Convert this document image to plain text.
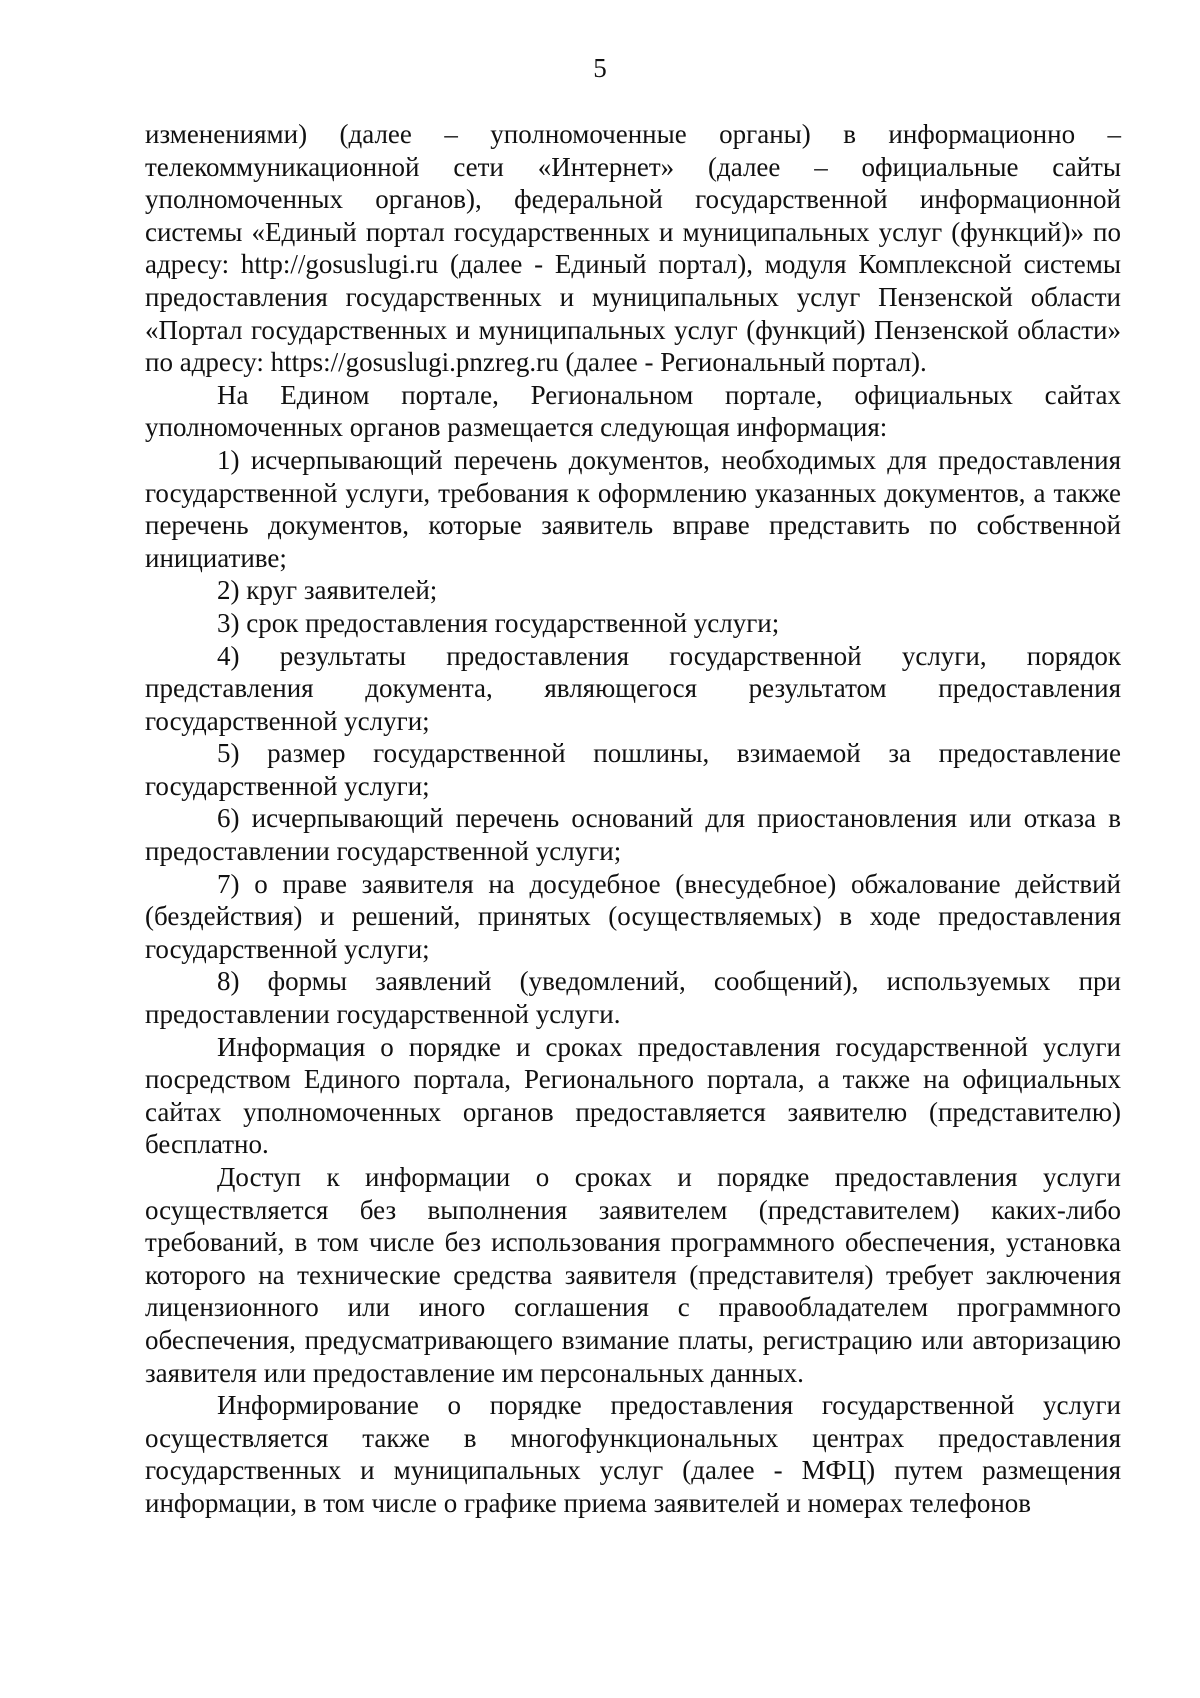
5

изменениями) (далее – уполномоченные органы) в информационно – телекоммуникационной сети «Интернет» (далее – официальные сайты уполномоченных органов), федеральной государственной информационной системы «Единый портал государственных и муниципальных услуг (функций)» по адресу: http://gosuslugi.ru (далее - Единый портал), модуля Комплексной системы предоставления государственных и муниципальных услуг Пензенской области «Портал государственных и муниципальных услуг (функций) Пензенской области» по адресу: https://gosuslugi.pnzreg.ru (далее - Региональный портал).

На Едином портале, Региональном портале, официальных сайтах уполномоченных органов размещается следующая информация:

1) исчерпывающий перечень документов, необходимых для предоставления государственной услуги, требования к оформлению указанных документов, а также перечень документов, которые заявитель вправе представить по собственной инициативе;

2) круг заявителей;

3) срок предоставления государственной услуги;

4) результаты предоставления государственной услуги, порядок представления документа, являющегося результатом предоставления государственной услуги;

5) размер государственной пошлины, взимаемой за предоставление государственной услуги;

6) исчерпывающий перечень оснований для приостановления или отказа в предоставлении государственной услуги;

7) о праве заявителя на досудебное (внесудебное) обжалование действий (бездействия) и решений, принятых (осуществляемых) в ходе предоставления государственной услуги;

8) формы заявлений (уведомлений, сообщений), используемых при предоставлении государственной услуги.

Информация о порядке и сроках предоставления государственной услуги посредством Единого портала, Регионального портала, а также на официальных сайтах уполномоченных органов предоставляется заявителю (представителю) бесплатно.

Доступ к информации о сроках и порядке предоставления услуги осуществляется без выполнения заявителем (представителем) каких-либо требований, в том числе без использования программного обеспечения, установка которого на технические средства заявителя (представителя) требует заключения лицензионного или иного соглашения с правообладателем программного обеспечения, предусматривающего взимание платы, регистрацию или авторизацию заявителя или предоставление им персональных данных.

Информирование о порядке предоставления государственной услуги осуществляется также в многофункциональных центрах предоставления государственных и муниципальных услуг (далее - МФЦ) путем размещения информации, в том числе о графике приема заявителей и номерах телефонов
